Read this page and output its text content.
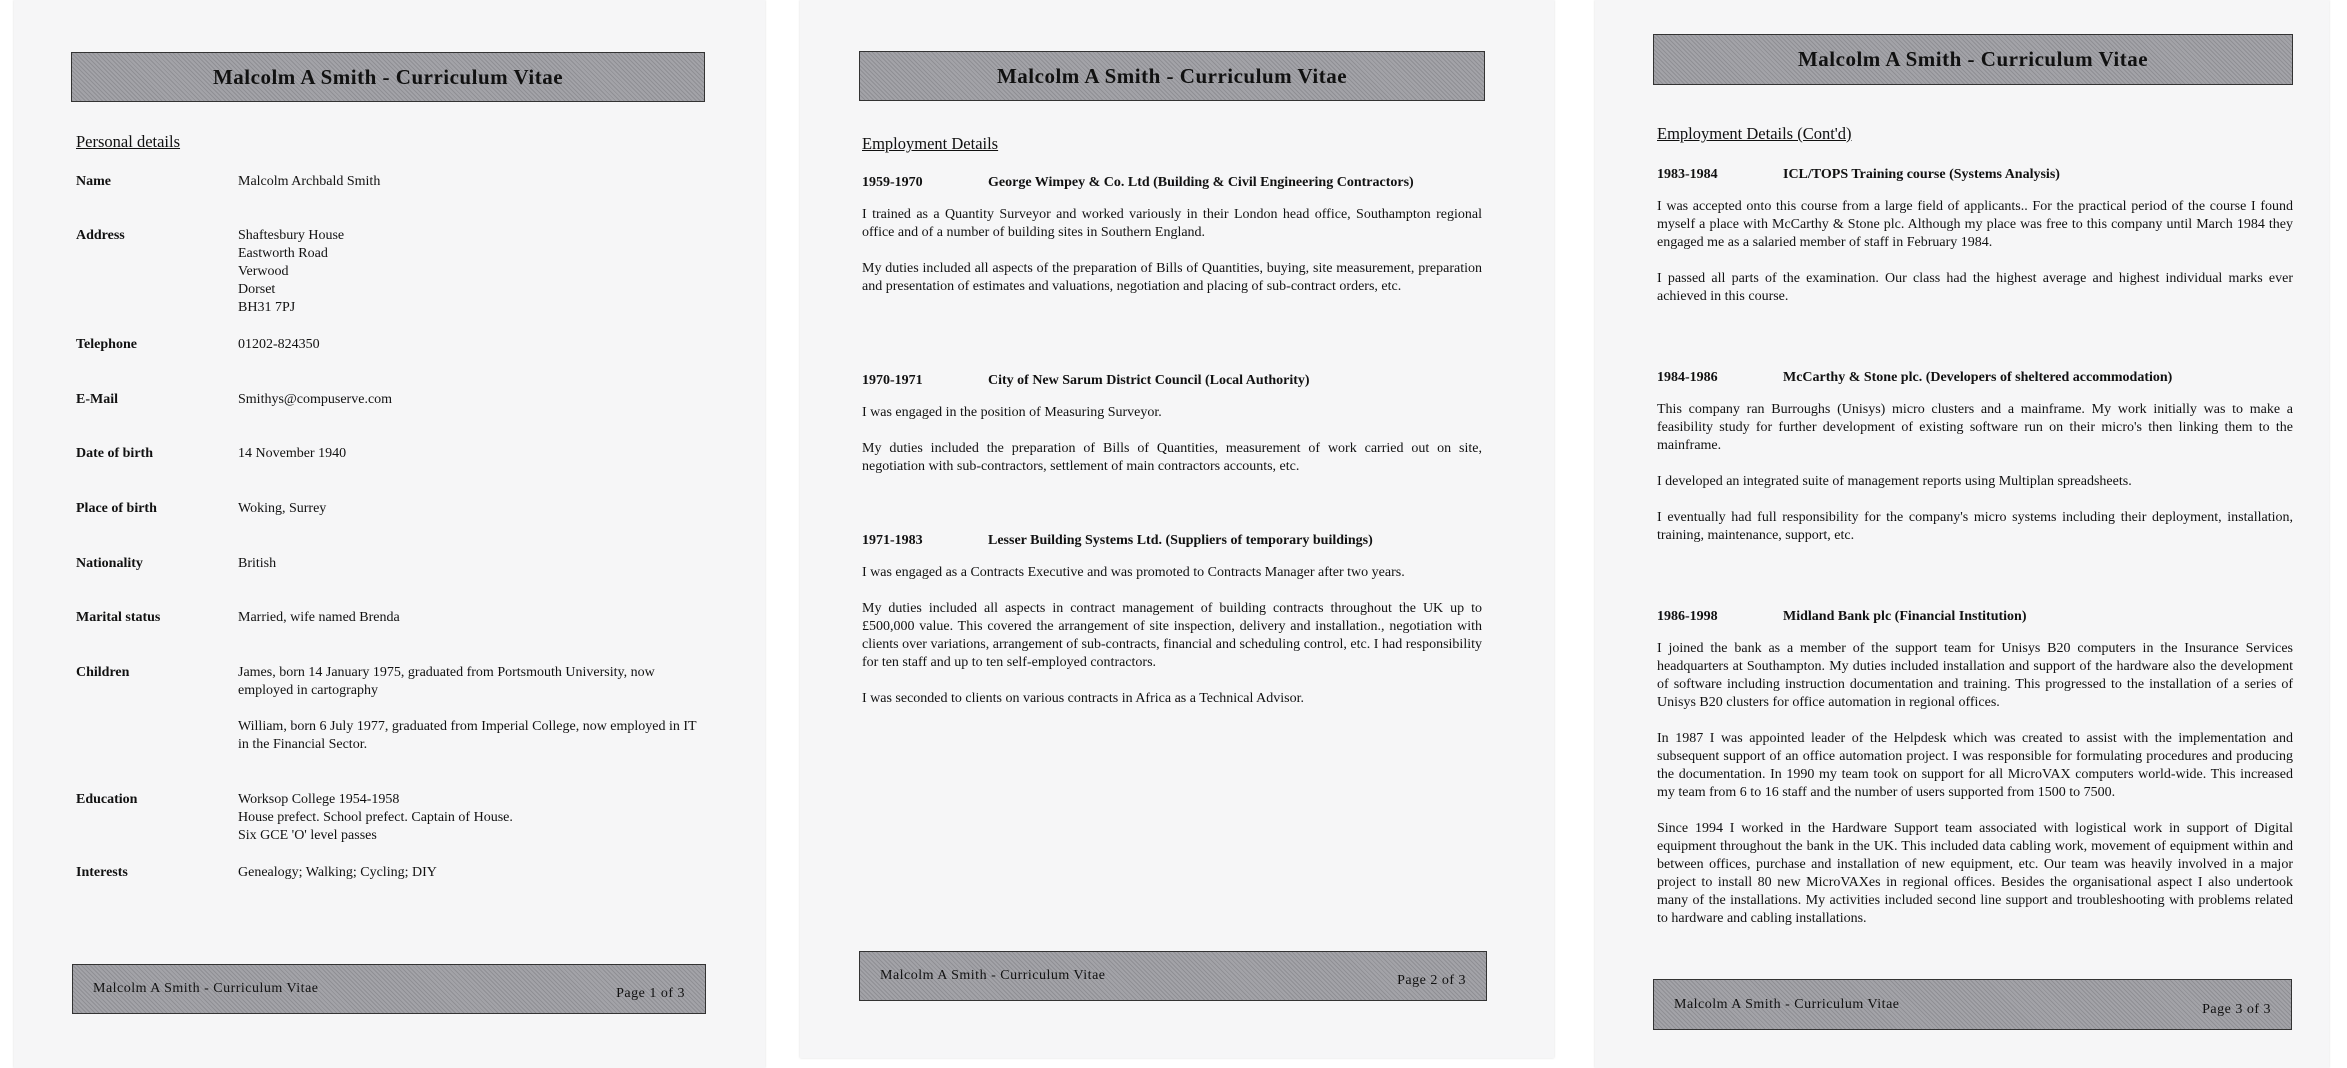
Malcolm A Smith - Curriculum Vitae
Personal details
Name	Malcolm Archbald Smith
Address	Shaftesbury House
Eastworth Road
Verwood
Dorset
BH31 7PJ
Telephone	01202-824350
E-Mail	Smithys@compuserve.com
Date of birth	14 November 1940
Place of birth	Woking, Surrey
Nationality	British
Marital status	Married, wife named Brenda
Children	James, born 14 January 1975, graduated from Portsmouth University, now employed in cartography
William, born 6 July 1977, graduated from Imperial College, now employed in IT in the Financial Sector.
Education	Worksop College 1954-1958
House prefect. School prefect. Captain of House.
Six GCE 'O' level passes
Interests	Genealogy; Walking; Cycling; DIY
Malcolm A Smith - Curriculum Vitae	Page 1 of 3
Malcolm A Smith - Curriculum Vitae
Employment Details
1959-1970	George Wimpey & Co. Ltd (Building & Civil Engineering Contractors)

I trained as a Quantity Surveyor and worked variously in their London head office, Southampton regional office and of a number of building sites in Southern England.

My duties included all aspects of the preparation of Bills of Quantities, buying, site measurement, preparation and presentation of estimates and valuations, negotiation and placing of sub-contract orders, etc.

1970-1971	City of New Sarum District Council (Local Authority)

I was engaged in the position of Measuring Surveyor.

My duties included the preparation of Bills of Quantities, measurement of work carried out on site, negotiation with sub-contractors, settlement of main contractors accounts, etc.

1971-1983	Lesser Building Systems Ltd. (Suppliers of temporary buildings)

I was engaged as a Contracts Executive and was promoted to Contracts Manager after two years.

My duties included all aspects in contract management of building contracts throughout the UK up to £500,000 value. This covered the arrangement of site inspection, delivery and installation., negotiation with clients over variations, arrangement of sub-contracts, financial and scheduling control, etc. I had responsibility for ten staff and up to ten self-employed contractors.

I was seconded to clients on various contracts in Africa as a Technical Advisor.

Malcolm A Smith - Curriculum Vitae	Page 2 of 3
Malcolm A Smith - Curriculum Vitae
Employment Details (Cont'd)
1983-1984	ICL/TOPS Training course (Systems Analysis)

I was accepted onto this course from a large field of applicants.. For the practical period of the course I found myself a place with McCarthy & Stone plc. Although my place was free to this company until March 1984 they engaged me as a salaried member of staff in February 1984.

I passed all parts of the examination. Our class had the highest average and highest individual marks ever achieved in this course.

1984-1986	McCarthy & Stone plc. (Developers of sheltered accommodation)

This company ran Burroughs (Unisys) micro clusters and a mainframe. My work initially was to make a feasibility study for further development of existing software run on their micro's then linking them to the mainframe.

I developed an integrated suite of management reports using Multiplan spreadsheets.

I eventually had full responsibility for the company's micro systems including their deployment, installation, training, maintenance, support, etc.

1986-1998	Midland Bank plc (Financial Institution)

I joined the bank as a member of the support team for Unisys B20 computers in the Insurance Services headquarters at Southampton. My duties included installation and support of the hardware also the development of software including instruction documentation and training. This progressed to the installation of a series of Unisys B20 clusters for office automation in regional offices.

In 1987 I was appointed leader of the Helpdesk which was created to assist with the implementation and subsequent support of an office automation project. I was responsible for formulating procedures and producing the documentation. In 1990 my team took on support for all MicroVAX computers world-wide. This increased my team from 6 to 16 staff and the number of users supported from 1500 to 7500.

Since 1994 I worked in the Hardware Support team associated with logistical work in support of Digital equipment throughout the bank in the UK. This included data cabling work, movement of equipment within and between offices, purchase and installation of new equipment, etc. Our team was heavily involved in a major project to install 80 new MicroVAXes in regional offices. Besides the organisational aspect I also undertook many of the installations. My activities included second line support and troubleshooting with problems related to hardware and cabling installations.

Malcolm A Smith - Curriculum Vitae	Page 3 of 3
